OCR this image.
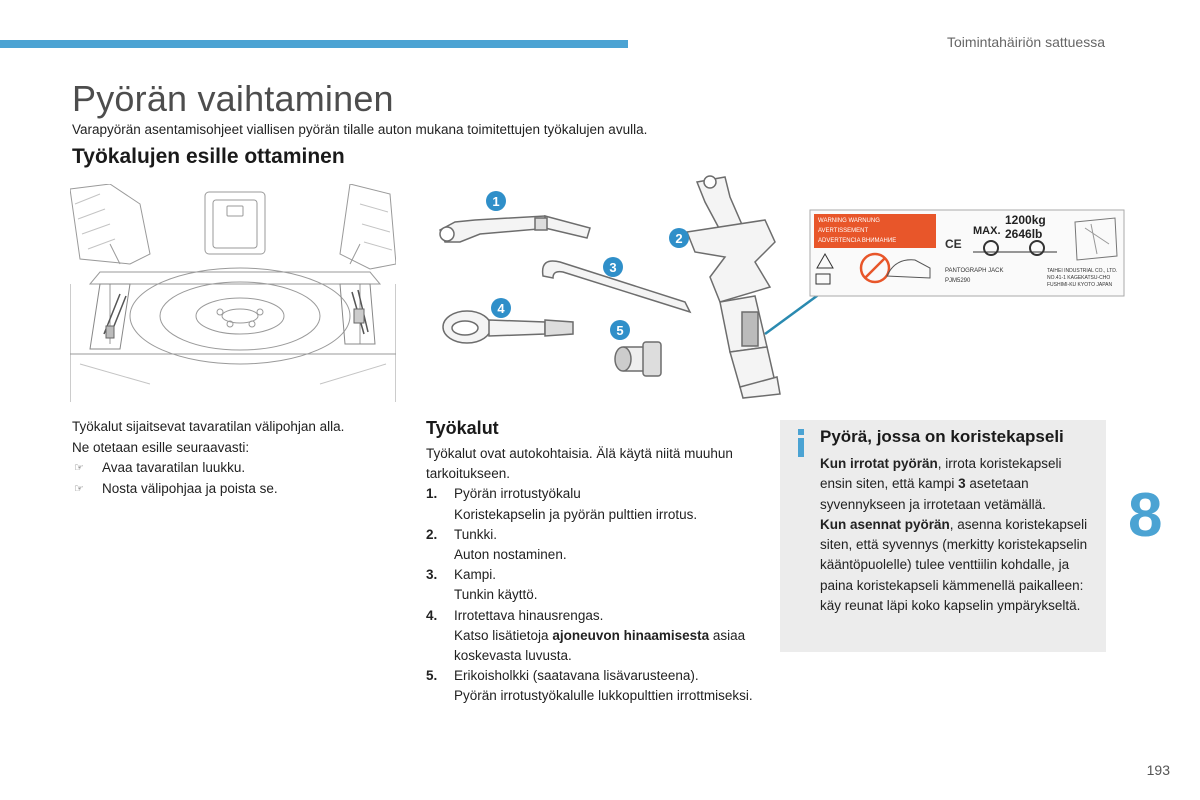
Toimintahäiriön sattuessa
Pyörän vaihtaminen
Varapyörän asentamisohjeet viallisen pyörän tilalle auton mukana toimitettujen työkalujen avulla.
Työkalujen esille ottaminen
1
2
3
4
5
WARNING WARNUNG
AVERTISSEMENT
ADVERTENCIA BHИMAHИE
MAX.
1200kg
2646lb
CE
PANTOGRAPH JACK
PJM5290
TAIHEI INDUSTRIAL CO., LTD.
NO.41-1 KAGEKATSU-CHO
FUSHIMI-KU KYOTO JAPAN

Työkalut sijaitsevat tavaratilan välipohjan alla.

Ne otetaan esille seuraavasti:

☞	Avaa tavaratilan luukku.
☞	Nosta välipohjaa ja poista se.
Työkalut

Työkalut ovat autokohtaisia. Älä käytä niitä muuhun tarkoitukseen.

1.	Pyörän irrotustyökalu
Koristekapselin ja pyörän pulttien irrotus.
2.	Tunkki.
Auton nostaminen.
3.	Kampi.
Tunkin käyttö.
4.	Irrotettava hinausrengas.
Katso lisätietoja ajoneuvon hinaamisesta asiaa koskevasta luvusta.
5.	Erikoisholkki (saatavana lisävarusteena).
Pyörän irrotustyökalulle lukkopulttien irrottmiseksi.
Pyörä, jossa on koristekapseli
Kun irrotat pyörän, irrota koristekapseli ensin siten, että kampi 3 asetetaan syvennykseen ja irrotetaan vetämällä.
Kun asennat pyörän, asenna koristekapseli siten, että syvennys (merkitty koristekapselin kääntöpuolelle) tulee venttiilin kohdalle, ja paina koristekapseli kämmenellä paikalleen: käy reunat läpi koko kapselin ympärykseltä.
8
193
